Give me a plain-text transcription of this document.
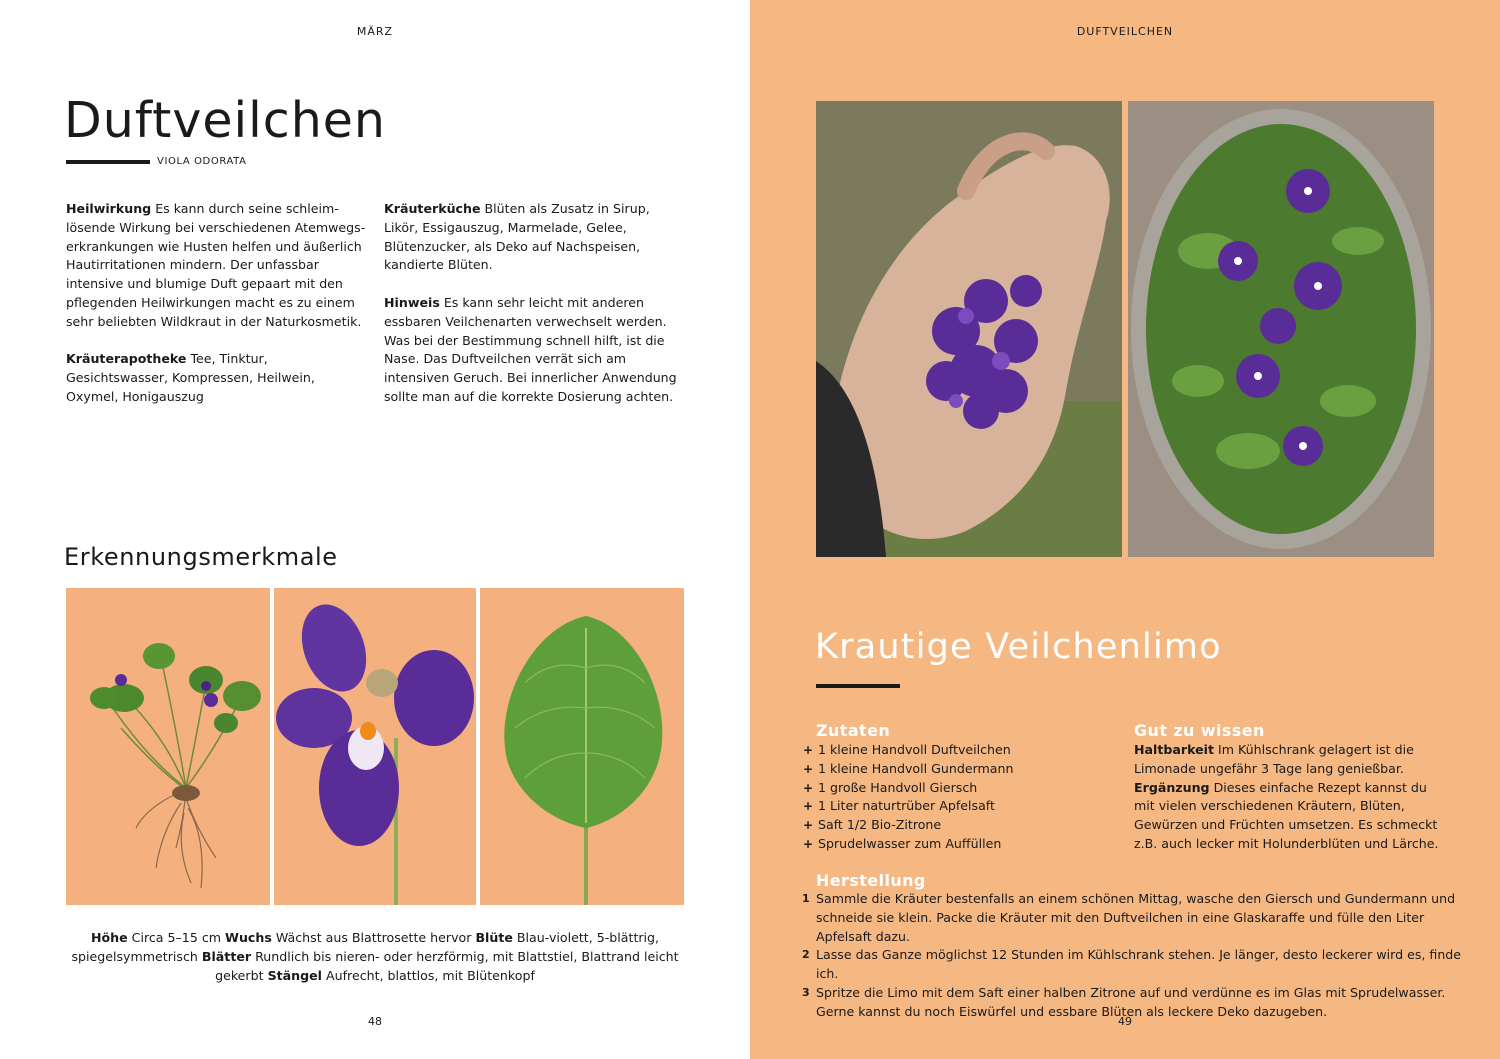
MÄRZ
Duftveilchen
VIOLA ODORATA

Heilwirkung Es kann durch seine schleim- lösende Wirkung bei verschiedenen Atemwegs- erkrankungen wie Husten helfen und äußerlich Hautirritationen mindern. Der unfassbar intensive und blumige Duft gepaart mit den pflegenden Heilwirkungen macht es zu einem sehr beliebten Wildkraut in der Naturkosmetik.

Kräuterapotheke Tee, Tinktur, Gesichtswasser, Kompressen, Heilwein, Oxymel, Honigauszug

Kräuterküche Blüten als Zusatz in Sirup, Likör, Essigauszug, Marmelade, Gelee, Blütenzucker, als Deko auf Nachspeisen, kandierte Blüten.

Hinweis Es kann sehr leicht mit anderen essbaren Veilchenarten verwechselt werden. Was bei der Bestimmung schnell hilft, ist die Nase. Das Duftveilchen verrät sich am intensiven Geruch. Bei innerlicher Anwendung sollte man auf die korrekte Dosierung achten.

Erkennungsmerkmale
Höhe Circa 5–15 cm Wuchs Wächst aus Blattrosette hervor Blüte Blau-violett, 5-blättrig, spiegelsymmetrisch Blätter Rundlich bis nieren- oder herzförmig, mit Blattstiel, Blattrand leicht gekerbt Stängel Aufrecht, blattlos, mit Blütenkopf
48
DUFTVEILCHEN
49
Krautige Veilchenlimo
Zutaten
+ 1 kleine Handvoll Duftveilchen
+ 1 kleine Handvoll Gundermann
+ 1 große Handvoll Giersch
+ 1 Liter naturtrüber Apfelsaft
+ Saft 1/2 Bio-Zitrone
+ Sprudelwasser zum Auffüllen
Gut zu wissen
Haltbarkeit Im Kühlschrank gelagert ist die Limonade ungefähr 3 Tage lang genießbar. Ergänzung Dieses einfache Rezept kannst du mit vielen verschiedenen Kräutern, Blüten, Gewürzen und Früchten umsetzen. Es schmeckt z.B. auch lecker mit Holunderblüten und Lärche.
Herstellung
1 Sammle die Kräuter bestenfalls an einem schönen Mittag, wasche den Giersch und Gundermann und schneide sie klein. Packe die Kräuter mit den Duftveilchen in eine Glaskaraffe und fülle den Liter Apfelsaft dazu.
2 Lasse das Ganze möglichst 12 Stunden im Kühlschrank stehen. Je länger, desto leckerer wird es, finde ich.
3 Spritze die Limo mit dem Saft einer halben Zitrone auf und verdünne es im Glas mit Sprudelwasser. Gerne kannst du noch Eiswürfel und essbare Blüten als leckere Deko dazugeben.
